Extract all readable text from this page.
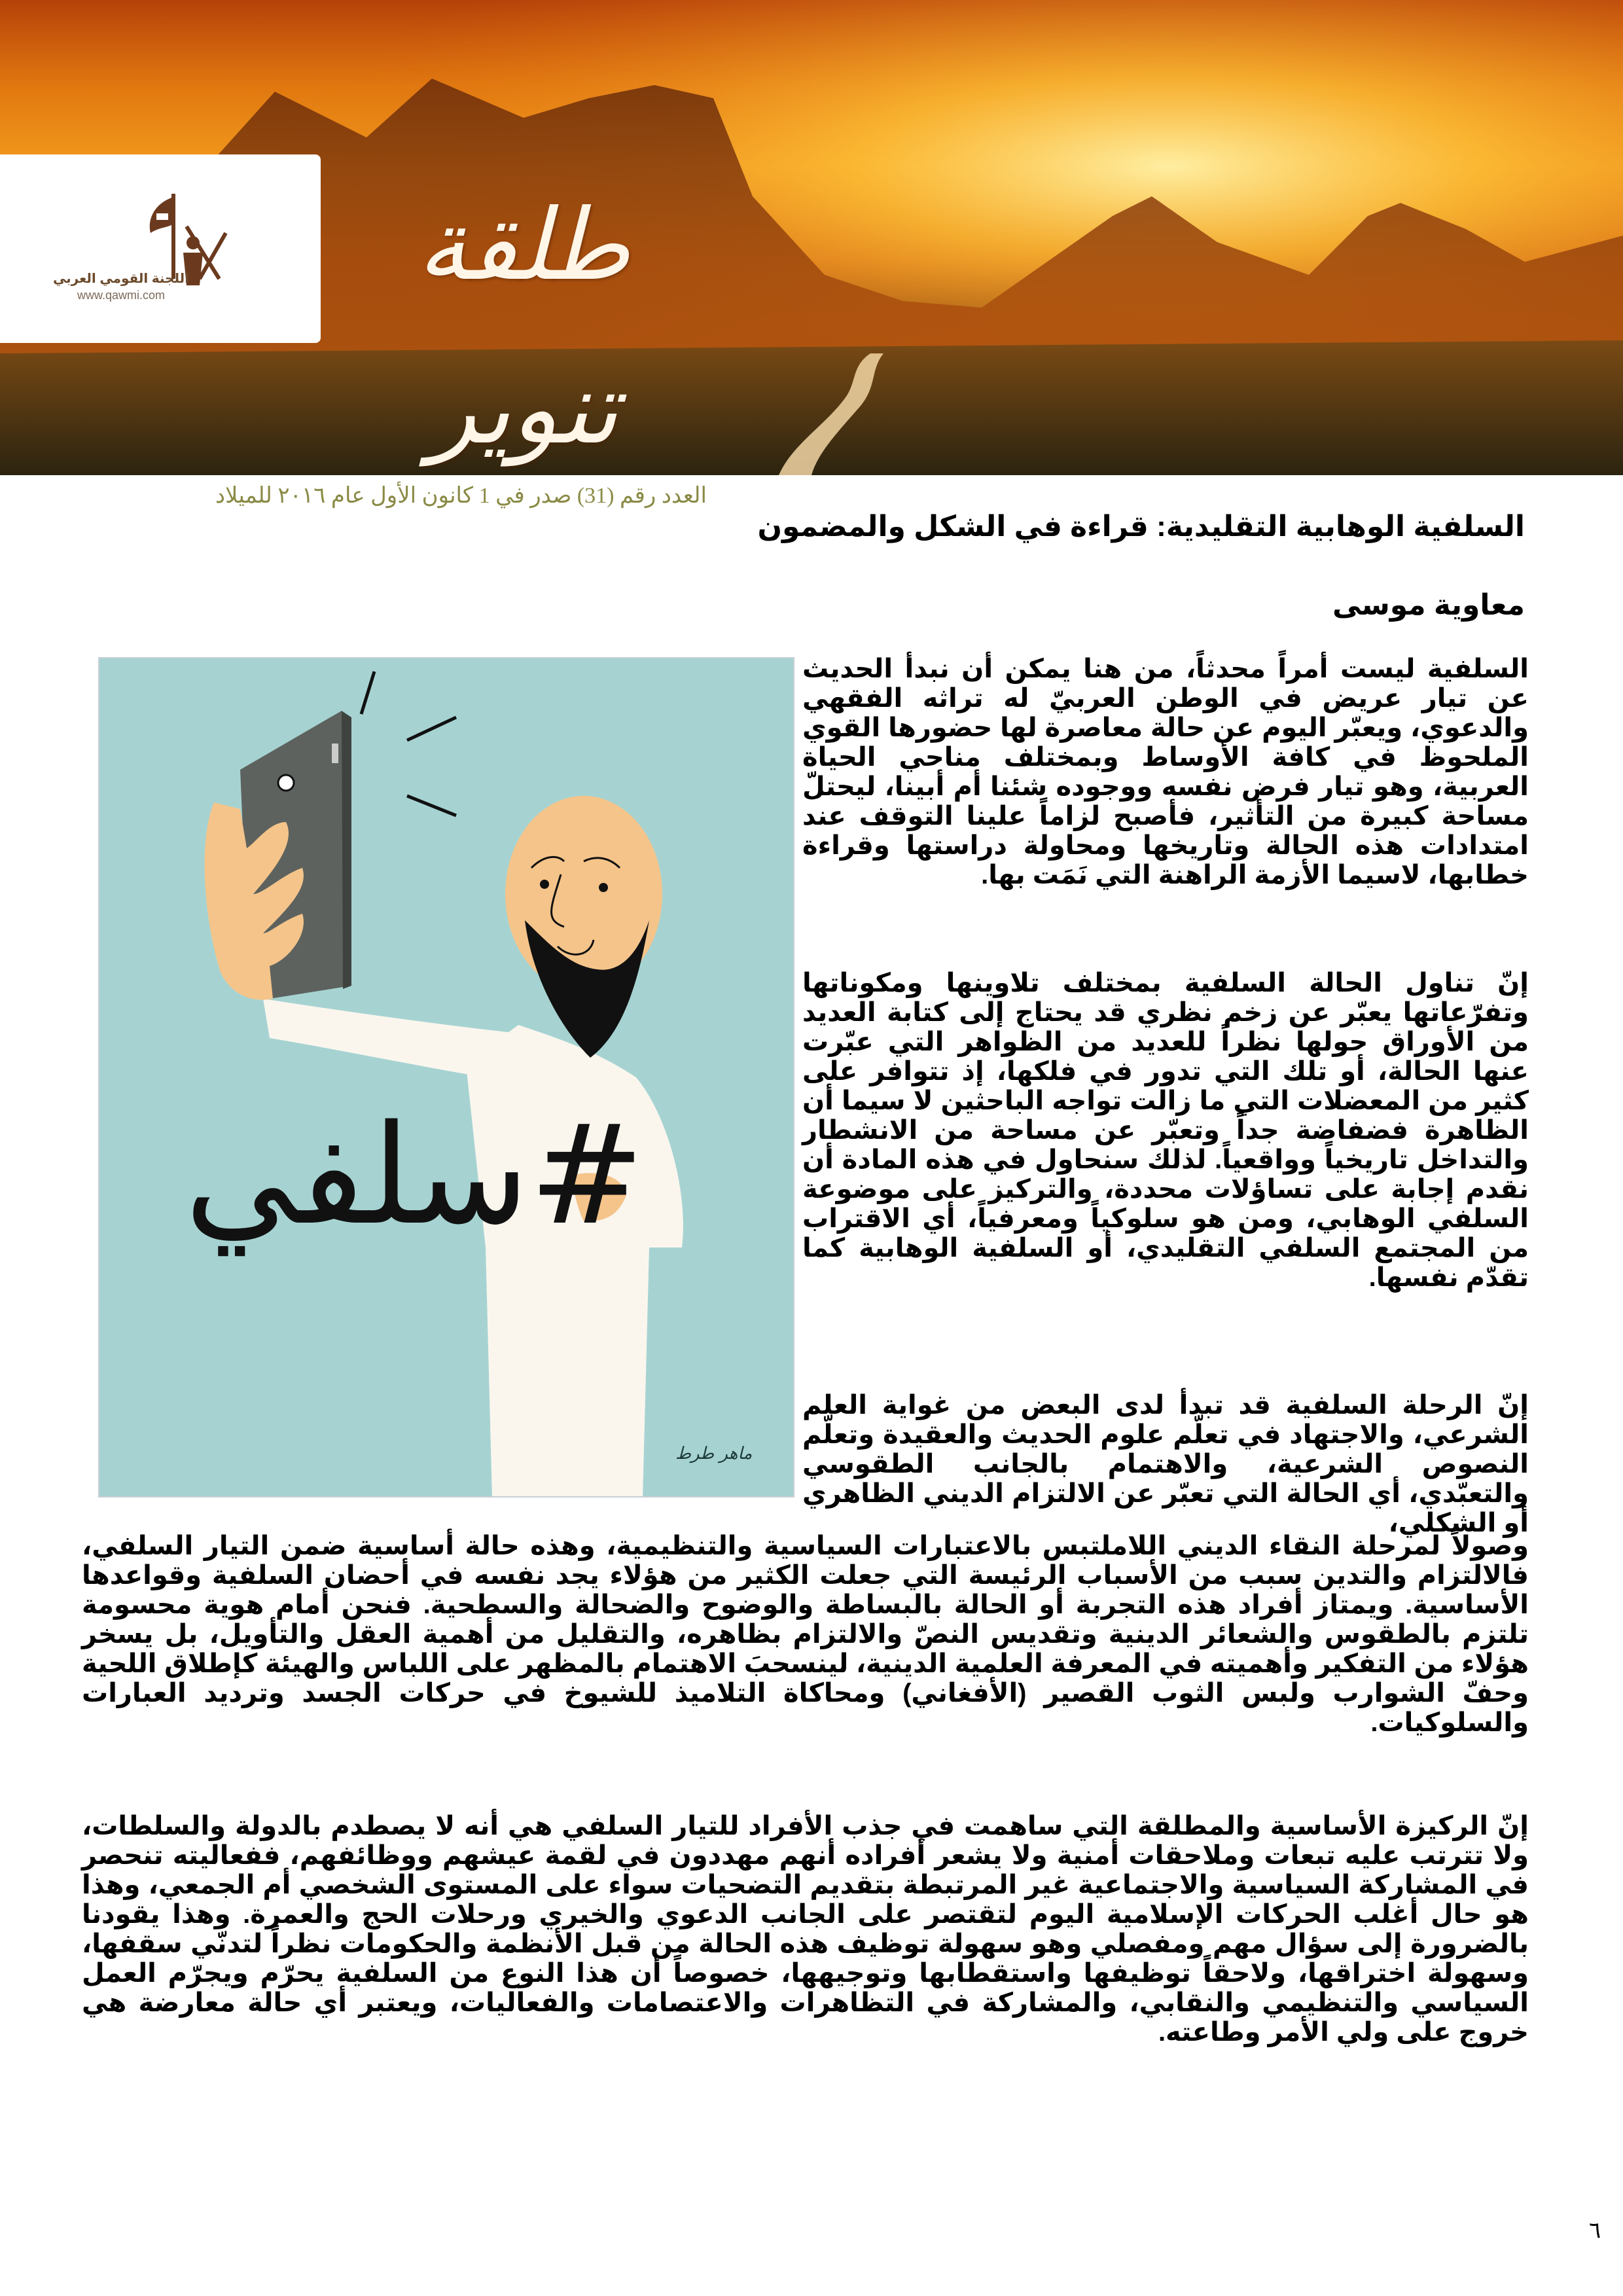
اللجنة القومي العربي
www.qawmi.com	طلقة تنوير
العدد رقم (31) صدر في 1 كانون الأول عام ٢٠١٦ للميلاد
السلفية الوهابية التقليدية: قراءة في الشكل والمضمون
معاوية موسى
#سلفي
ماهر طرط
السلفية ليست أمراً محدثاً، من هنا يمكن أن نبدأ الحديث عن تيار عريض في الوطن العربيّ له تراثه الفقهي والدعوي، ويعبّر اليوم عن حالة معاصرة لها حضورها القوي الملحوظ في كافة الأوساط وبمختلف مناحي الحياة العربية، وهو تيار فرض نفسه ووجوده شئنا أم أبينا، ليحتلّ مساحة كبيرة من التأثير، فأصبح لزاماً علينا التوقف عند امتدادات هذه الحالة وتاريخها ومحاولة دراستها وقراءة خطابها، لاسيما الأزمة الراهنة التي نَمَت بها.
إنّ تناول الحالة السلفية بمختلف تلاوينها ومكوناتها وتفرّعاتها يعبّر عن زخم نظري قد يحتاج إلى كتابة العديد من الأوراق حولها نظراً للعديد من الظواهر التي عبّرت عنها الحالة، أو تلك التي تدور في فلكها، إذ تتوافر على كثير من المعضلات التي ما زالت تواجه الباحثين لا سيما أن الظاهرة فضفاضة جداً وتعبّر عن مساحة من الانشطار والتداخل تاريخياً وواقعياً. لذلك سنحاول في هذه المادة أن نقدم إجابة على تساؤلات محددة، والتركيز على موضوعة السلفي الوهابي، ومن هو سلوكياً ومعرفياً، أي الاقتراب من المجتمع السلفي التقليدي، أو السلفية الوهابية كما تقدّم نفسها.
إنّ الرحلة السلفية قد تبدأ لدى البعض من غواية العلم الشرعي، والاجتهاد في تعلّم علوم الحديث والعقيدة وتعلّم النصوص الشرعية، والاهتمام بالجانب الطقوسي والتعبّدي، أي الحالة التي تعبّر عن الالتزام الديني الظاهري أو الشكلي،
وصولاً لمرحلة النقاء الديني اللاملتبس بالاعتبارات السياسية والتنظيمية، وهذه حالة أساسية ضمن التيار السلفي، فالالتزام والتدين سبب من الأسباب الرئيسة التي جعلت الكثير من هؤلاء يجد نفسه في أحضان السلفية وقواعدها الأساسية. ويمتاز أفراد هذه التجربة أو الحالة بالبساطة والوضوح والضحالة والسطحية. فنحن أمام هوية محسومة تلتزم بالطقوس والشعائر الدينية وتقديس النصّ والالتزام بظاهره، والتقليل من أهمية العقل والتأويل، بل يسخر هؤلاء من التفكير وأهميته في المعرفة العلمية الدينية، لينسحبَ الاهتمام بالمظهر على اللباس والهيئة كإطلاق اللحية وحفّ الشوارب ولبس الثوب القصير (الأفغاني) ومحاكاة التلاميذ للشيوخ في حركات الجسد وترديد العبارات والسلوكيات.
إنّ الركيزة الأساسية والمطلقة التي ساهمت في جذب الأفراد للتيار السلفي هي أنه لا يصطدم بالدولة والسلطات، ولا تترتب عليه تبعات وملاحقات أمنية ولا يشعر أفراده أنهم مهددون في لقمة عيشهم ووظائفهم، ففعاليته تنحصر في المشاركة السياسية والاجتماعية غير المرتبطة بتقديم التضحيات سواء على المستوى الشخصي أم الجمعي، وهذا هو حال أغلب الحركات الإسلامية اليوم لتقتصر على الجانب الدعوي والخيري ورحلات الحج والعمرة. وهذا يقودنا بالضرورة إلى سؤال مهم ومفصلي وهو سهولة توظيف هذه الحالة من قبل الأنظمة والحكومات نظراً لتدنّي سقفها، وسهولة اختراقها، ولاحقاً توظيفها واستقطابها وتوجيهها، خصوصاً أن هذا النوع من السلفية يحرّم ويجرّم العمل السياسي والتنظيمي والنقابي، والمشاركة في التظاهرات والاعتصامات والفعاليات، ويعتبر أي حالة معارضة هي خروج على ولي الأمر وطاعته.
٦
